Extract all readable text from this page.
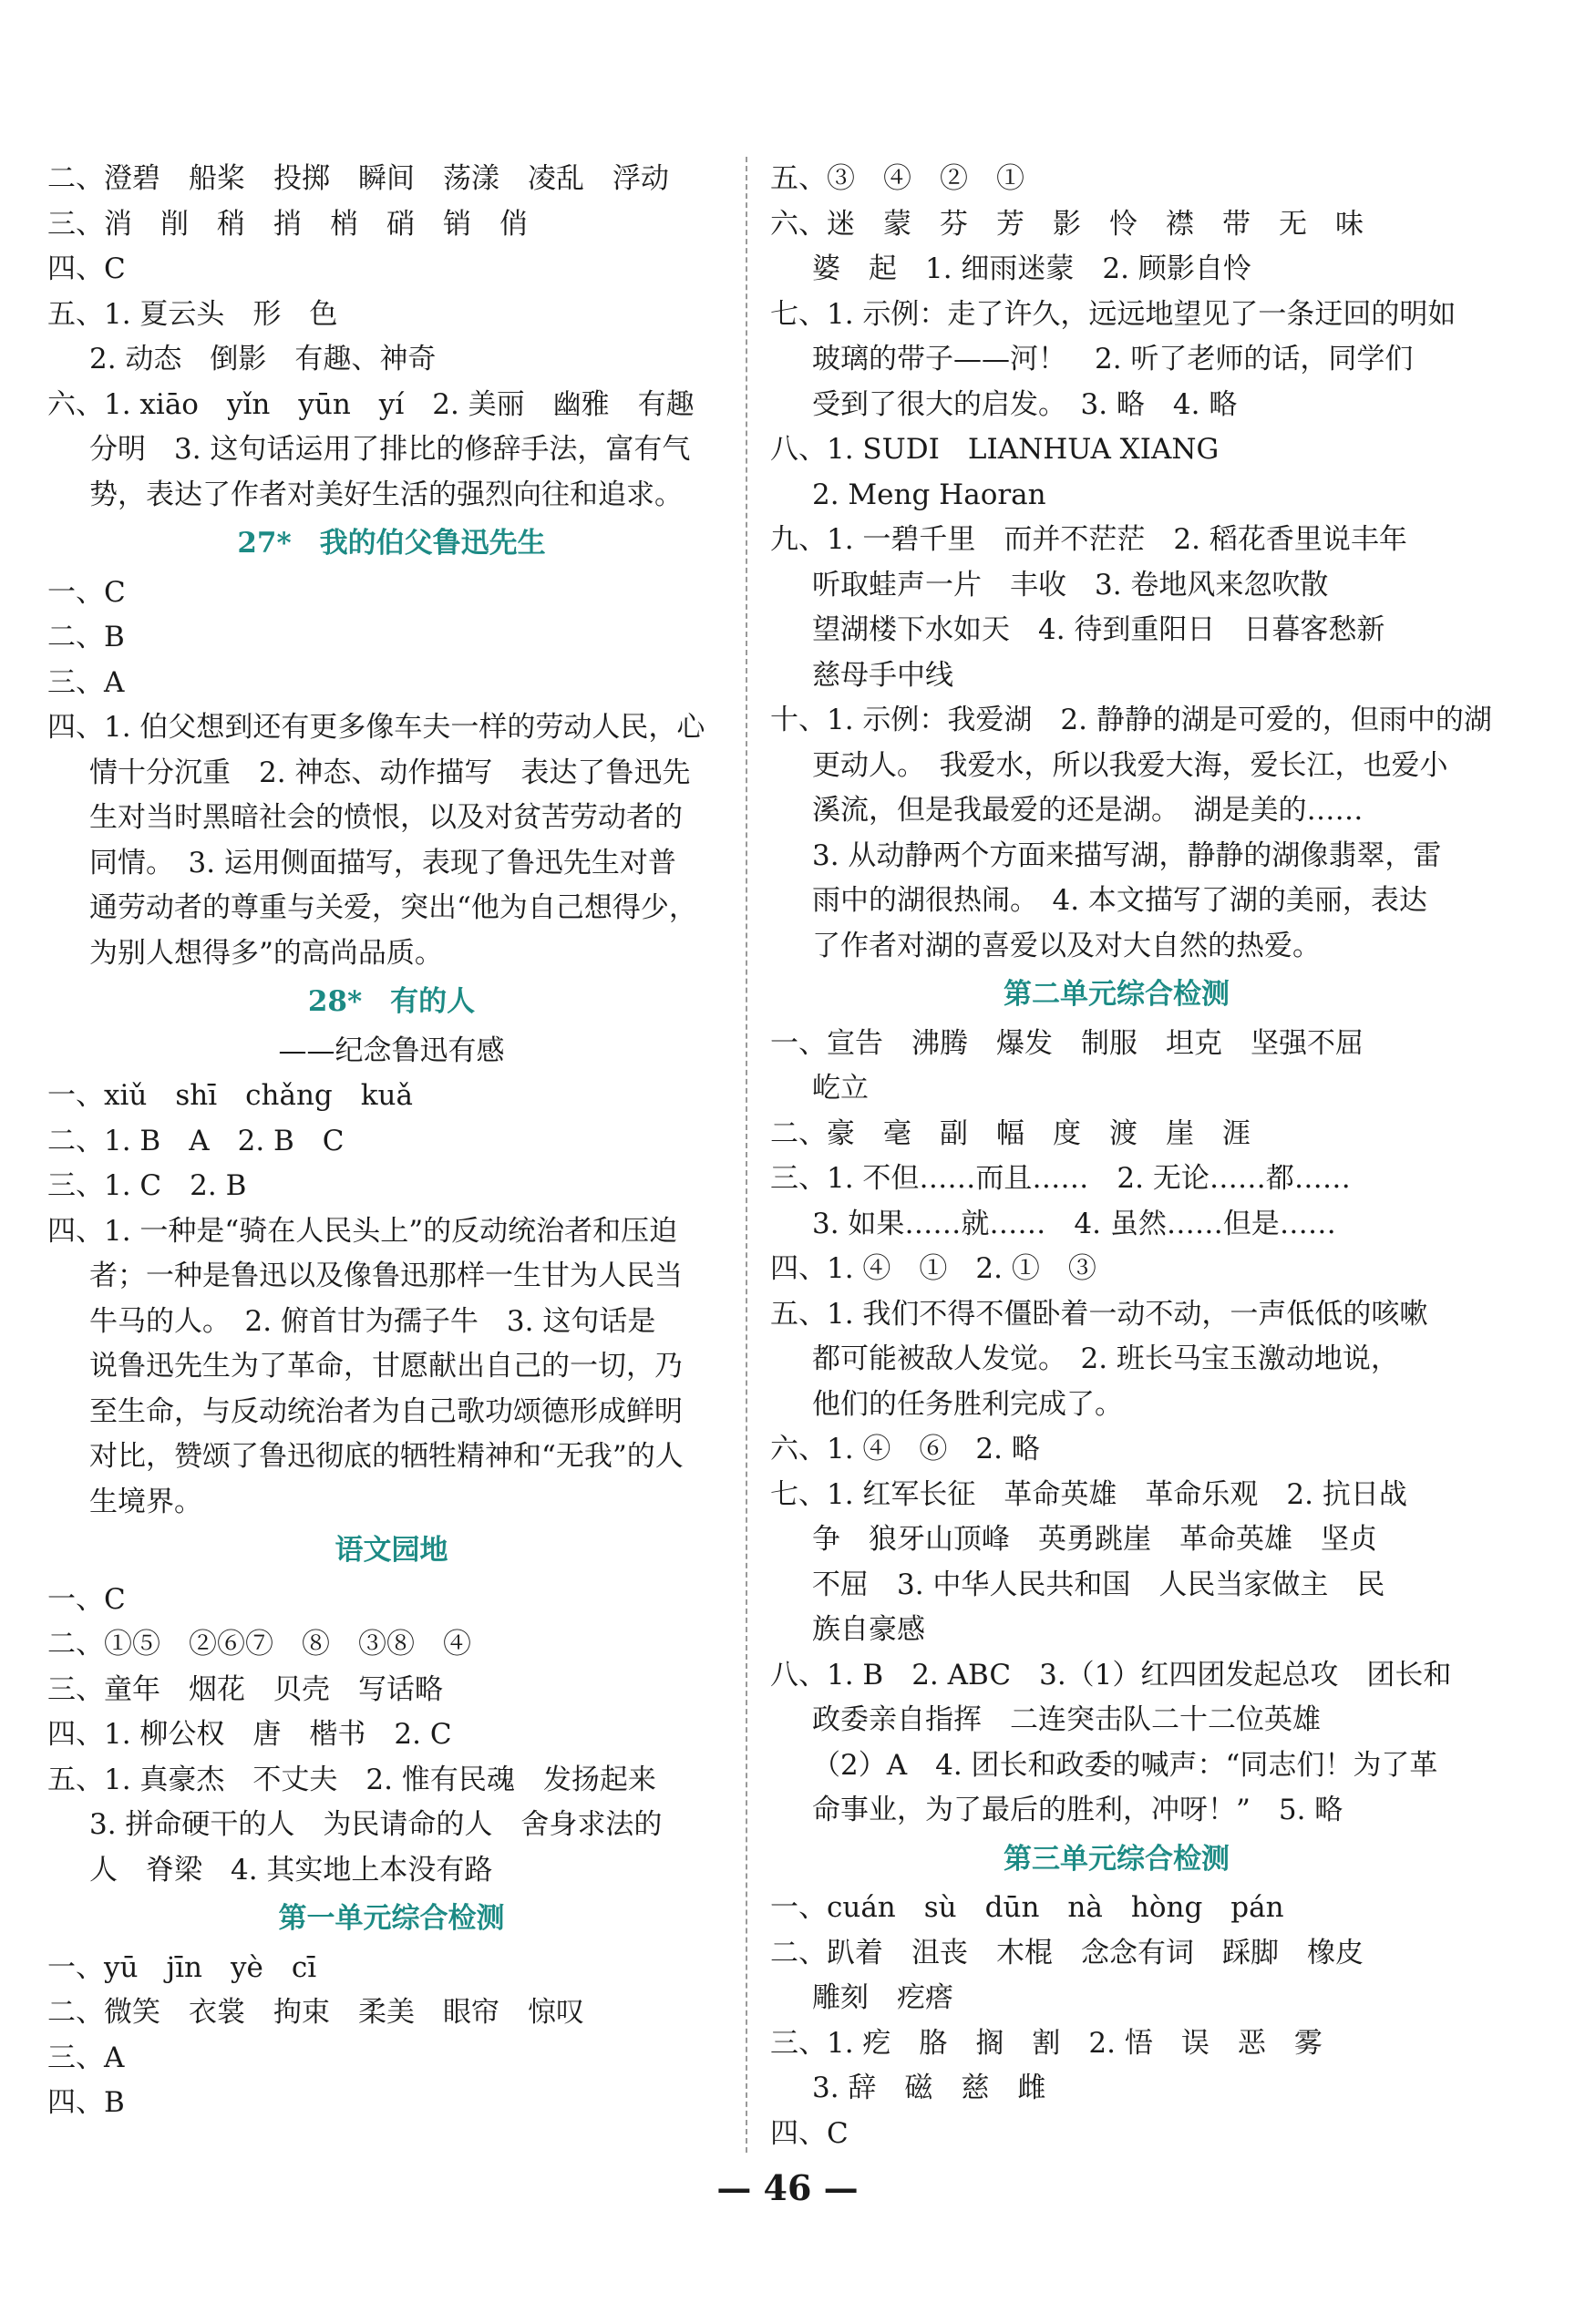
二、澄碧　船桨　投掷　瞬间　荡漾　凌乱　浮动
三、消　削　稍　捎　梢　硝　销　俏
四、C
五、1. 夏云头　形　色
2. 动态　倒影　有趣、神奇
六、1. xiāo　yǐn　yūn　yí　2. 美丽　幽雅　有趣
分明　3. 这句话运用了排比的修辞手法，富有气
势，表达了作者对美好生活的强烈向往和追求。
27*　我的伯父鲁迅先生
一、C
二、B
三、A
四、1. 伯父想到还有更多像车夫一样的劳动人民，心
情十分沉重　2. 神态、动作描写　表达了鲁迅先
生对当时黑暗社会的愤恨，以及对贫苦劳动者的
同情。　3. 运用侧面描写，表现了鲁迅先生对普
通劳动者的尊重与关爱，突出“他为自己想得少，
为别人想得多”的高尚品质。
28*　有的人
——纪念鲁迅有感
一、xiǔ　shī　chǎng　kuǎ
二、1. B　A　2. B　C
三、1. C　2. B
四、1. 一种是“骑在人民头上”的反动统治者和压迫
者；一种是鲁迅以及像鲁迅那样一生甘为人民当
牛马的人。　2. 俯首甘为孺子牛　3. 这句话是
说鲁迅先生为了革命，甘愿献出自己的一切，乃
至生命，与反动统治者为自己歌功颂德形成鲜明
对比，赞颂了鲁迅彻底的牺牲精神和“无我”的人
生境界。
语文园地
一、C
二、①⑤　②⑥⑦　⑧　③⑧　④
三、童年　烟花　贝壳　写话略
四、1. 柳公权　唐　楷书　2. C
五、1. 真豪杰　不丈夫　2. 惟有民魂　发扬起来
3. 拼命硬干的人　为民请命的人　舍身求法的
人　脊梁　4. 其实地上本没有路
第一单元综合检测
一、yū　jīn　yè　cī
二、微笑　衣裳　拘束　柔美　眼帘　惊叹
三、A
四、B
五、③　④　②　①
六、迷　蒙　芬　芳　影　怜　襟　带　无　味
婆　起　1. 细雨迷蒙　2. 顾影自怜
七、1. 示例：走了许久，远远地望见了一条迂回的明如
玻璃的带子——河！　2. 听了老师的话，同学们
受到了很大的启发。　3. 略　4. 略
八、1. SUDI　LIANHUA XIANG
2. Meng Haoran
九、1. 一碧千里　而并不茫茫　2. 稻花香里说丰年
听取蛙声一片　丰收　3. 卷地风来忽吹散
望湖楼下水如天　4. 待到重阳日　日暮客愁新
慈母手中线
十、1. 示例：我爱湖　2. 静静的湖是可爱的，但雨中的湖
更动人。　我爱水，所以我爱大海，爱长江，也爱小
溪流，但是我最爱的还是湖。　湖是美的……
3. 从动静两个方面来描写湖，静静的湖像翡翠，雷
雨中的湖很热闹。　4. 本文描写了湖的美丽，表达
了作者对湖的喜爱以及对大自然的热爱。
第二单元综合检测
一、宣告　沸腾　爆发　制服　坦克　坚强不屈
屹立
二、豪　毫　副　幅　度　渡　崖　涯
三、1. 不但……而且……　2. 无论……都……
3. 如果……就……　4. 虽然……但是……
四、1. ④　①　2. ①　③
五、1. 我们不得不僵卧着一动不动，一声低低的咳嗽
都可能被敌人发觉。　2. 班长马宝玉激动地说，
他们的任务胜利完成了。
六、1. ④　⑥　2. 略
七、1. 红军长征　革命英雄　革命乐观　2. 抗日战
争　狼牙山顶峰　英勇跳崖　革命英雄　坚贞
不屈　3. 中华人民共和国　人民当家做主　民
族自豪感
八、1. B　2. ABC　3.（1）红四团发起总攻　团长和
政委亲自指挥　二连突击队二十二位英雄
（2）A　4. 团长和政委的喊声：“同志们！为了革
命事业，为了最后的胜利，冲呀！”　5. 略
第三单元综合检测
一、cuán　sù　dūn　nà　hòng　pán
二、趴着　沮丧　木棍　念念有词　踩脚　橡皮
雕刻　疙瘩
三、1. 疙　胳　搁　割　2. 悟　误　恶　雾
3. 辞　磁　慈　雌
四、C
— 46 —
